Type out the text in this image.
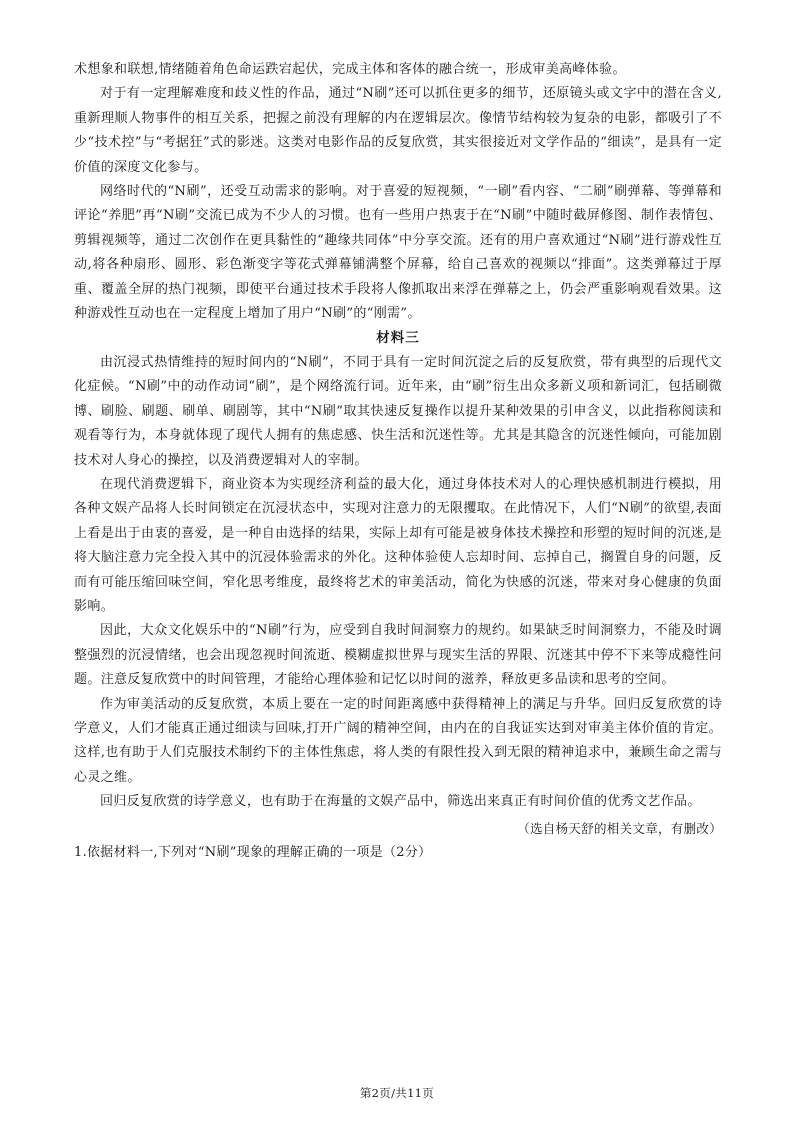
术想象和联想,情绪随着角色命运跌宕起伏，完成主体和客体的融合统一，形成审美高峰体验。

对于有一定理解难度和歧义性的作品，通过“N刷”还可以抓住更多的细节，还原镜头或文字中的潜在含义,重新理顺人物事件的相互关系，把握之前没有理解的内在逻辑层次。像情节结构较为复杂的电影，都吸引了不少“技术控”与“考据狂”式的影迷。这类对电影作品的反复欣赏，其实很接近对文学作品的“细读”，是具有一定价值的深度文化参与。

网络时代的“N刷”，还受互动需求的影响。对于喜爱的短视频，“一刷”看内容、“二刷”刷弹幕、等弹幕和评论“养肥”再“N刷”交流已成为不少人的习惯。也有一些用户热衷于在“N刷”中随时截屏修图、制作表情包、剪辑视频等，通过二次创作在更具黏性的“趣缘共同体”中分享交流。还有的用户喜欢通过“N刷”进行游戏性互动,将各种扇形、圆形、彩色渐变字等花式弹幕铺满整个屏幕，给自己喜欢的视频以“排面”。这类弹幕过于厚重、覆盖全屏的热门视频，即使平台通过技术手段将人像抓取出来浮在弹幕之上，仍会严重影响观看效果。这种游戏性互动也在一定程度上增加了用户“N刷”的“刚需”。

材料三

由沉浸式热情维持的短时间内的“N刷”，不同于具有一定时间沉淀之后的反复欣赏，带有典型的后现代文化症候。“N刷”中的动作动词“刷”，是个网络流行词。近年来，由“刷”衍生出众多新义项和新词汇，包括刷微博、刷脸、刷题、刷单、刷剧等，其中“N刷”取其快速反复操作以提升某种效果的引申含义，以此指称阅读和观看等行为，本身就体现了现代人拥有的焦虑感、快生活和沉迷性等。尤其是其隐含的沉迷性倾向，可能加剧技术对人身心的操控，以及消费逻辑对人的宰制。

在现代消费逻辑下，商业资本为实现经济利益的最大化，通过身体技术对人的心理快感机制进行模拟，用各种文娱产品将人长时间锁定在沉浸状态中，实现对注意力的无限攫取。在此情况下，人们“N刷”的欲望,表面上看是出于由衷的喜爱，是一种自由选择的结果，实际上却有可能是被身体技术操控和形塑的短时间的沉迷,是将大脑注意力完全投入其中的沉浸体验需求的外化。这种体验使人忘却时间、忘掉自己，搁置自身的问题，反而有可能压缩回味空间，窄化思考维度，最终将艺术的审美活动，简化为快感的沉迷，带来对身心健康的负面影响。

因此，大众文化娱乐中的“N刷”行为，应受到自我时间洞察力的规约。如果缺乏时间洞察力，不能及时调整强烈的沉浸情绪，也会出现忽视时间流逝、模糊虚拟世界与现实生活的界限、沉迷其中停不下来等成瘾性问题。注意反复欣赏中的时间管理，才能给心理体验和记忆以时间的滋养，释放更多品读和思考的空间。

作为审美活动的反复欣赏，本质上要在一定的时间距离感中获得精神上的满足与升华。回归反复欣赏的诗学意义，人们才能真正通过细读与回味,打开广阔的精神空间，由内在的自我证实达到对审美主体价值的肯定。这样,也有助于人们克服技术制约下的主体性焦虑，将人类的有限性投入到无限的精神追求中，兼顾生命之需与心灵之维。

回归反复欣赏的诗学意义，也有助于在海量的文娱产品中，筛选出来真正有时间价值的优秀文艺作品。

（选自杨天舒的相关文章，有删改）

1.依据材料一,下列对“N刷”现象的理解正确的一项是（2分）

第2页/共11页
